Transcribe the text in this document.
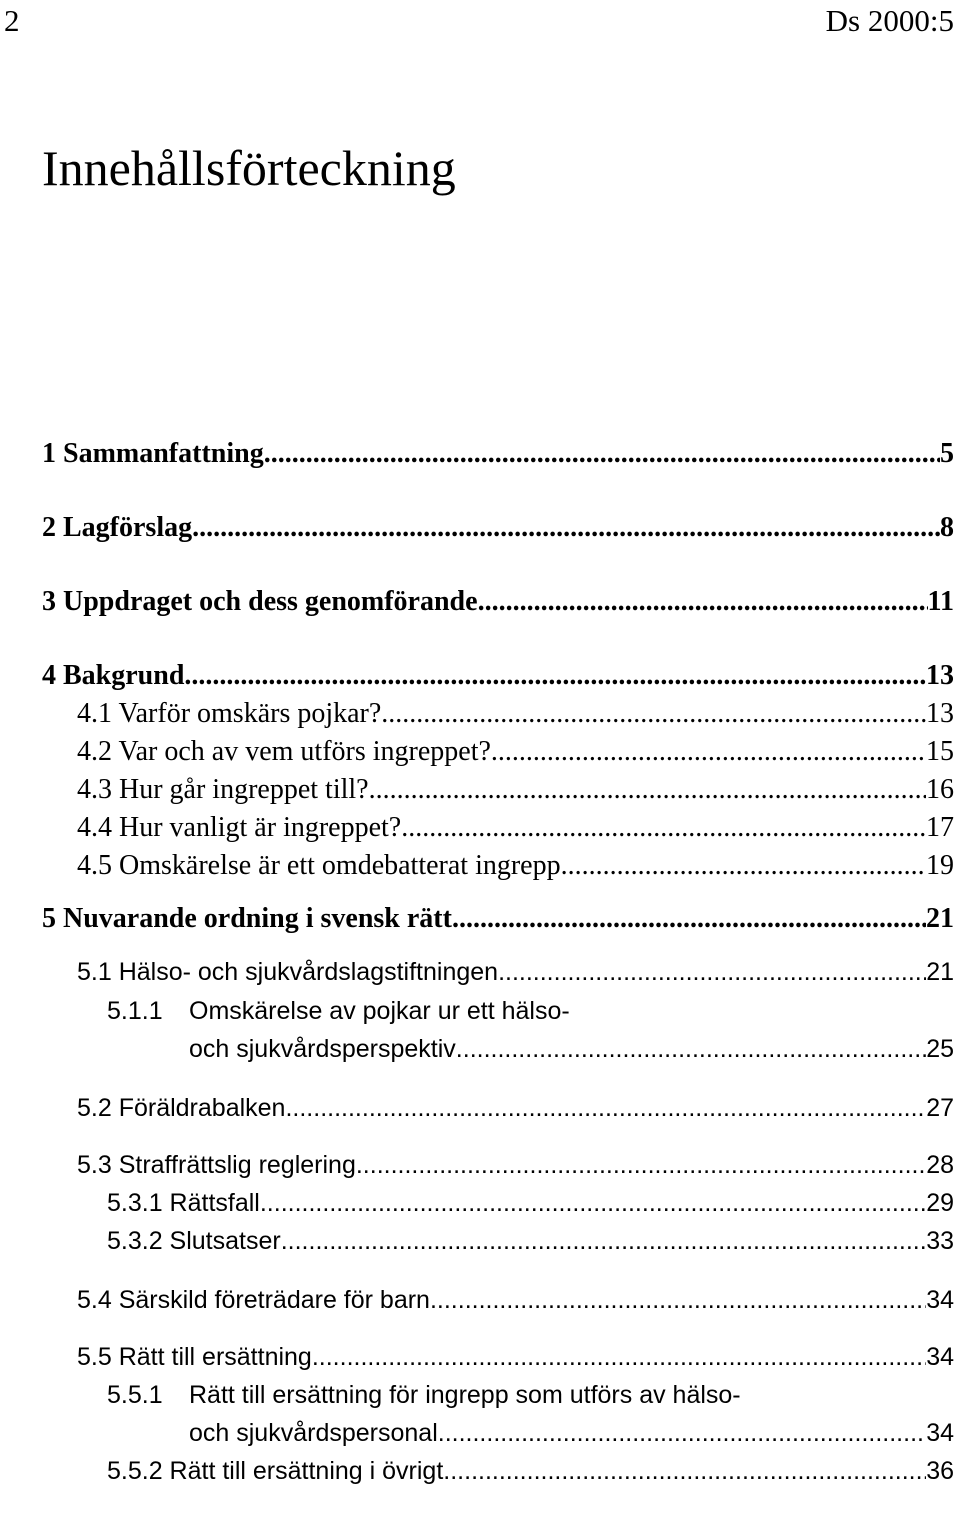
2	Ds 2000:5
Innehållsförteckning
1 Sammanfattning .....	5
2 Lagförslag .....	8
3 Uppdraget och dess genomförande .....	11
4 Bakgrund .....	13
4.1 Varför omskärs pojkar? .....	13
4.2 Var och av vem utförs ingreppet? .....	15
4.3 Hur går ingreppet till? .....	16
4.4 Hur vanligt är ingreppet? .....	17
4.5 Omskärelse är ett omdebatterat ingrepp .....	19
5 Nuvarande ordning i svensk rätt .....	21
5.1 Hälso- och sjukvårdslagstiftningen .....	21
5.1.1 Omskärelse av pojkar ur ett hälso-
och sjukvårdsperspektiv .....	25
5.2 Föräldrabalken .....	27
5.3 Straffrättslig reglering .....	28
5.3.1 Rättsfall .....	29
5.3.2 Slutsatser .....	33
5.4 Särskild företrädare för barn .....	34
5.5 Rätt till ersättning .....	34
5.5.1 Rätt till ersättning för ingrepp som utförs av hälso-
och sjukvårdspersonal .....	34
5.5.2 Rätt till ersättning i övrigt .....	36
